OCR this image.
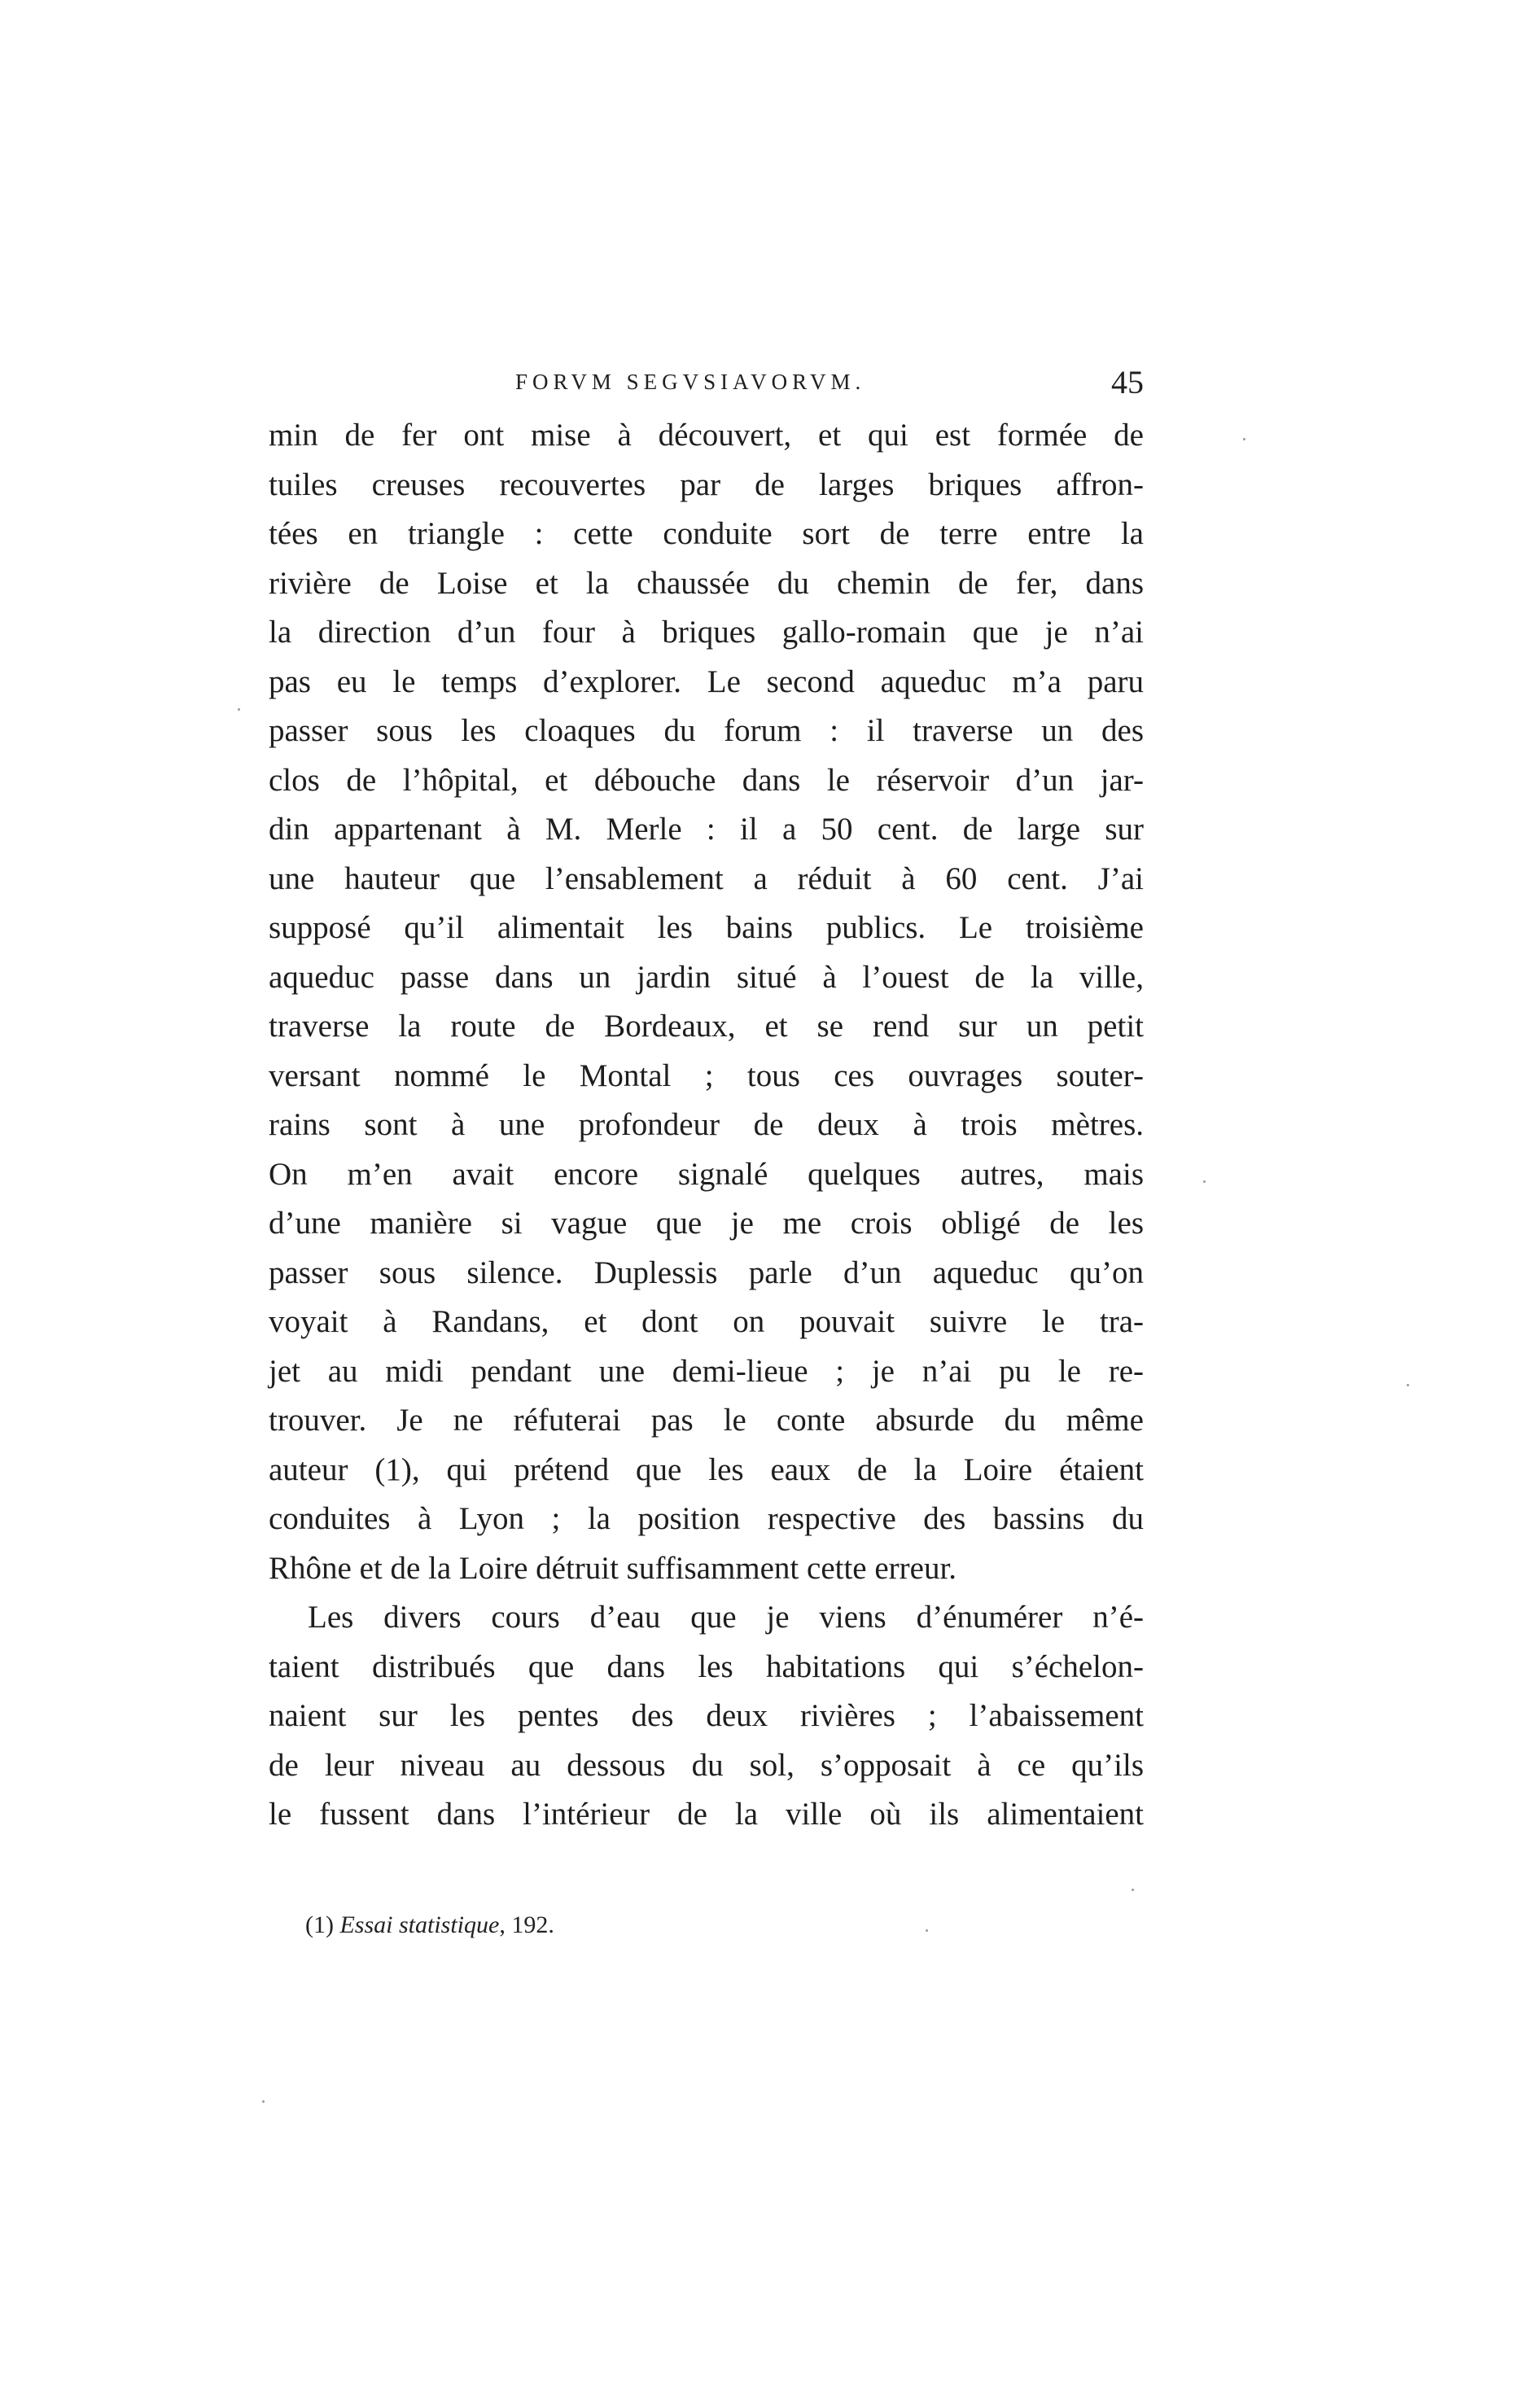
FORVM SEGVSIAVORVM.	45
min de fer ont mise à découvert, et qui est formée de
tuiles creuses recouvertes par de larges briques affron-
tées en triangle : cette conduite sort de terre entre la
rivière de Loise et la chaussée du chemin de fer, dans
la direction d’un four à briques gallo-romain que je n’ai
pas eu le temps d’explorer. Le second aqueduc m’a paru
passer sous les cloaques du forum : il traverse un des
clos de l’hôpital, et débouche dans le réservoir d’un jar-
din appartenant à M. Merle : il a 50 cent. de large sur
une hauteur que l’ensablement a réduit à 60 cent. J’ai
supposé qu’il alimentait les bains publics. Le troisième
aqueduc passe dans un jardin situé à l’ouest de la ville,
traverse la route de Bordeaux, et se rend sur un petit
versant nommé le Montal ; tous ces ouvrages souter-
rains sont à une profondeur de deux à trois mètres.
On m’en avait encore signalé quelques autres, mais
d’une manière si vague que je me crois obligé de les
passer sous silence. Duplessis parle d’un aqueduc qu’on
voyait à Randans, et dont on pouvait suivre le tra-
jet au midi pendant une demi-lieue ; je n’ai pu le re-
trouver. Je ne réfuterai pas le conte absurde du même
auteur (1), qui prétend que les eaux de la Loire étaient
conduites à Lyon ; la position respective des bassins du
Rhône et de la Loire détruit suffisamment cette erreur.
Les divers cours d’eau que je viens d’énumérer n’é-
taient distribués que dans les habitations qui s’échelon-
naient sur les pentes des deux rivières ; l’abaissement
de leur niveau au dessous du sol, s’opposait à ce qu’ils
le fussent dans l’intérieur de la ville où ils alimentaient
(1) Essai statistique, 192.
